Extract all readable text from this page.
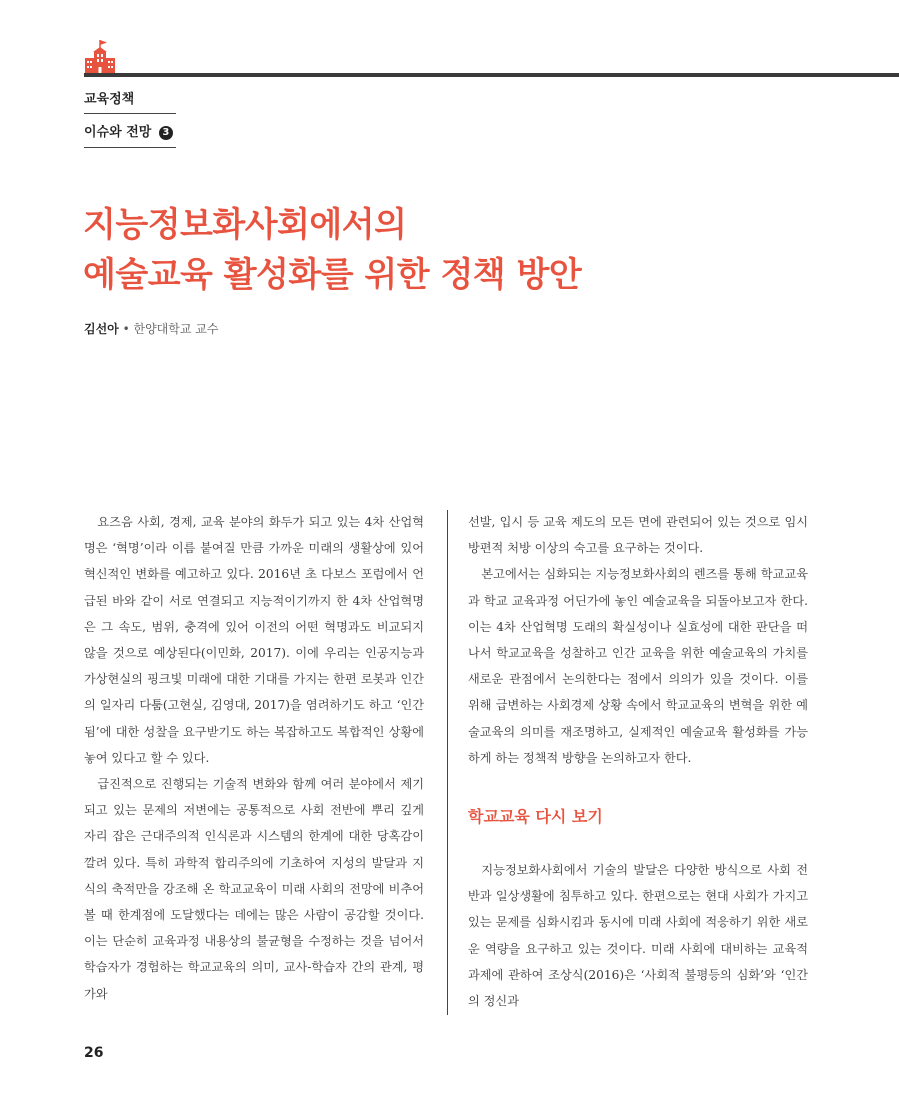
교육정책
이슈와 전망 3
지능정보화사회에서의
예술교육 활성화를 위한 정책 방안
김선아 • 한양대학교 교수

요즈음 사회, 경제, 교육 분야의 화두가 되고 있는 4차 산업혁명은 ‘혁명’이라 이름 붙여질 만큼 가까운 미래의 생활상에 있어 혁신적인 변화를 예고하고 있다. 2016년 초 다보스 포럼에서 언급된 바와 같이 서로 연결되고 지능적이기까지 한 4차 산업혁명은 그 속도, 범위, 충격에 있어 이전의 어떤 혁명과도 비교되지 않을 것으로 예상된다(이민화, 2017). 이에 우리는 인공지능과 가상현실의 핑크빛 미래에 대한 기대를 가지는 한편 로봇과 인간의 일자리 다툼(고현실, 김영대, 2017)을 염려하기도 하고 ‘인간됨’에 대한 성찰을 요구받기도 하는 복잡하고도 복합적인 상황에 놓여 있다고 할 수 있다.

급진적으로 진행되는 기술적 변화와 함께 여러 분야에서 제기되고 있는 문제의 저변에는 공통적으로 사회 전반에 뿌리 깊게 자리 잡은 근대주의적 인식론과 시스템의 한계에 대한 당혹감이 깔려 있다. 특히 과학적 합리주의에 기초하여 지성의 발달과 지식의 축적만을 강조해 온 학교교육이 미래 사회의 전망에 비추어 볼 때 한계점에 도달했다는 데에는 많은 사람이 공감할 것이다. 이는 단순히 교육과정 내용상의 불균형을 수정하는 것을 넘어서 학습자가 경험하는 학교교육의 의미, 교사-학습자 간의 관계, 평가와

선발, 입시 등 교육 제도의 모든 면에 관련되어 있는 것으로 임시방편적 처방 이상의 숙고를 요구하는 것이다.

본고에서는 심화되는 지능정보화사회의 렌즈를 통해 학교교육과 학교 교육과정 어딘가에 놓인 예술교육을 되돌아보고자 한다. 이는 4차 산업혁명 도래의 확실성이나 실효성에 대한 판단을 떠나서 학교교육을 성찰하고 인간 교육을 위한 예술교육의 가치를 새로운 관점에서 논의한다는 점에서 의의가 있을 것이다. 이를 위해 급변하는 사회경제 상황 속에서 학교교육의 변혁을 위한 예술교육의 의미를 재조명하고, 실제적인 예술교육 활성화를 가능하게 하는 정책적 방향을 논의하고자 한다.

학교교육 다시 보기

지능정보화사회에서 기술의 발달은 다양한 방식으로 사회 전반과 일상생활에 침투하고 있다. 한편으로는 현대 사회가 가지고 있는 문제를 심화시킴과 동시에 미래 사회에 적응하기 위한 새로운 역량을 요구하고 있는 것이다. 미래 사회에 대비하는 교육적 과제에 관하여 조상식(2016)은 ‘사회적 불평등의 심화’와 ‘인간의 정신과

26
